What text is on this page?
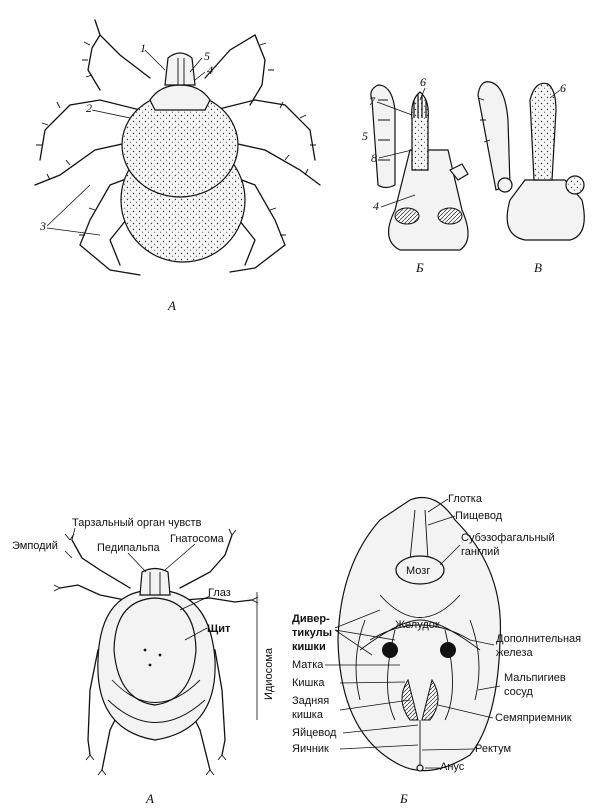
1
5
4
2
3
А
6
7
5
8
4
Б
6
В
Тарзальный орган чувств
Эмподий	Педипальпа
Гнатосома
Глаз
Щит
Идиосома
А
Глотка
Пищевод
Субэзофагальный
ганглий
Мозг
Желудок
Дивер-
тикулы
кишки
Дополнительная
железа
Матка
Кишка	Мальпигиев
сосуд
Задняя
кишка	Семяприемник
Яйцевод
Яичник	Ректум
Анус
Б
